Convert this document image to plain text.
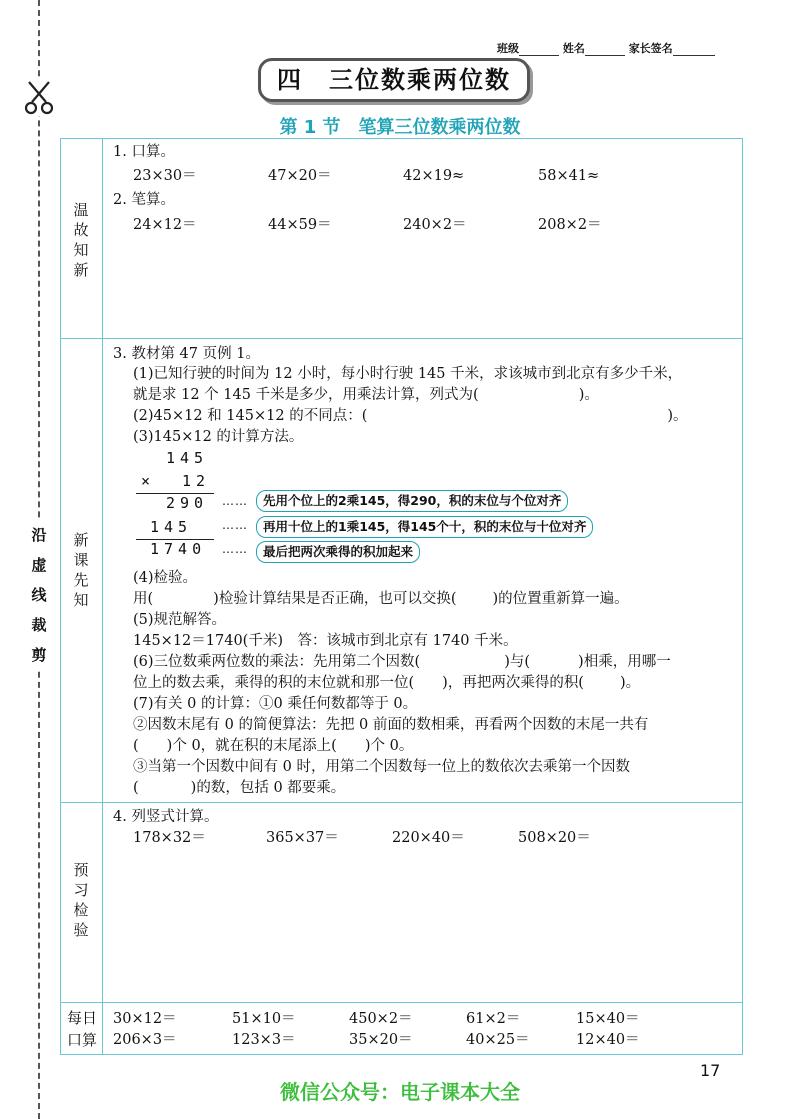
沿虚线裁剪
班级	姓名	家长签名
四　三位数乘两位数
第 1 节　笔算三位数乘两位数
温故知新
新课先知
预习检验
每日
口算
1. 口算。
23×30＝	47×20＝	42×19≈	58×41≈
2. 笔算。
24×12＝	44×59＝	240×2＝	208×2＝
3. 教材第 47 页例 1。
(1)已知行驶的时间为 12 小时，每小时行驶 145 千米，求该城市到北京有多少千米，
就是求 12 个 145 千米是多少，用乘法计算，列式为(	)。
(2)45×12 和 145×12 的不同点：(	)。
(3)145×12 的计算方法。
145
× 12
290
145
1740
……
……
……
先用个位上的2乘145，得290，积的末位与个位对齐
再用十位上的1乘145，得145个十，积的末位与十位对齐
最后把两次乘得的积加起来
(4)检验。
用(	)检验计算结果是否正确，也可以交换( )的位置重新算一遍。
(5)规范解答。
145×12＝1740(千米)　答：该城市到北京有 1740 千米。
(6)三位数乘两位数的乘法：先用第二个因数(	)与(	)相乘，用哪一
位上的数去乘，乘得的积的末位就和那一位( )，再把两次乘得的积( )。
(7)有关 0 的计算：①0 乘任何数都等于 0。
②因数末尾有 0 的简便算法：先把 0 前面的数相乘，再看两个因数的末尾一共有
( )个 0，就在积的末尾添上( )个 0。
③当第一个因数中间有 0 时，用第二个因数每一位上的数依次去乘第一个因数
(	)的数，包括 0 都要乘。
4. 列竖式计算。
178×32＝	365×37＝	220×40＝	508×20＝
30×12＝	51×10＝	450×2＝	61×2＝	15×40＝
206×3＝	123×3＝	35×20＝	40×25＝	12×40＝
17
微信公众号：电子课本大全
